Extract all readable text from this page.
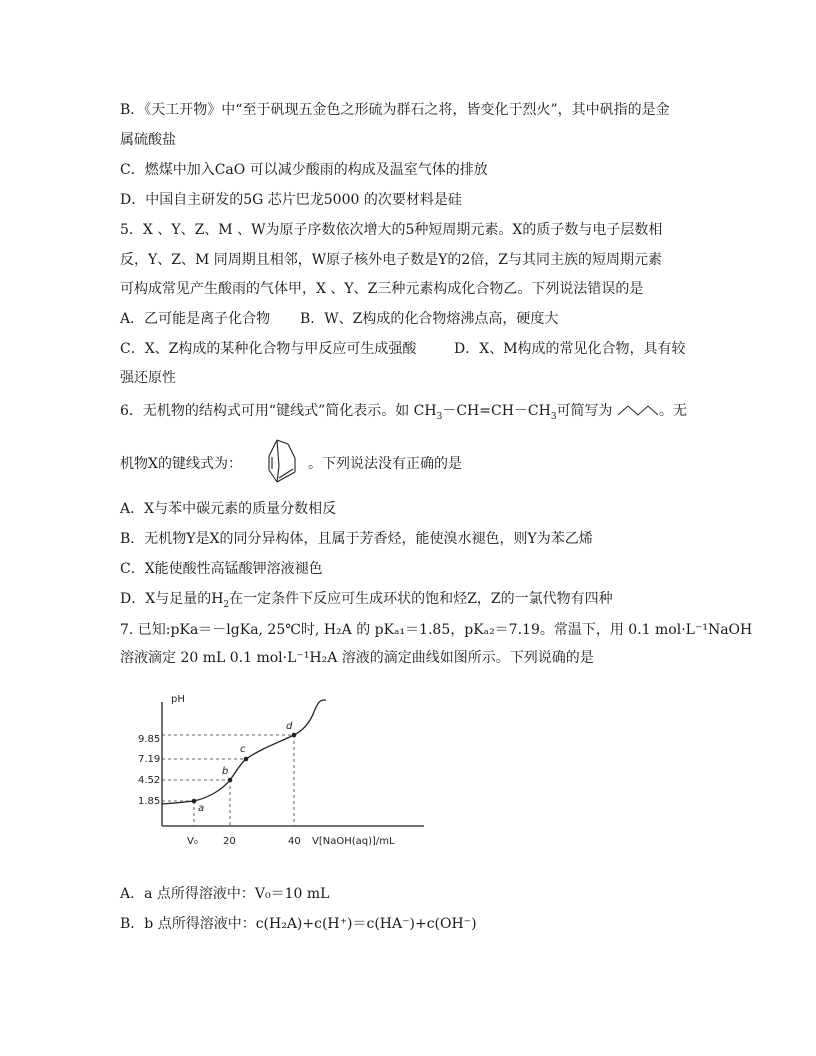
B．《天工开物》中“至于矾现五金色之形硫为群石之将，皆变化于烈火”，其中矾指的是金
属硫酸盐
C．燃煤中加入CaO 可以减少酸雨的构成及温室气体的排放
D．中国自主研发的5G 芯片巴龙5000 的次要材料是硅
5．X 、Y、Z、M 、W为原子序数依次增大的5种短周期元素。X的质子数与电子层数相
反，Y、Z、M 同周期且相邻，W原子核外电子数是Y的2倍，Z与其同主族的短周期元素
可构成常见产生酸雨的气体甲，X 、Y、Z三种元素构成化合物乙。下列说法错误的是
A．乙可能是离子化合物 B．W、Z构成的化合物熔沸点高，硬度大
C．X、Z构成的某种化合物与甲反应可生成强酸	D．X、M构成的常见化合物，具有较
强还原性
6．无机物的结构式可用“键线式”简化表示。如 $CH_3-CH=CH-CH_3$可简写为	。无
机物X的键线式为：	。下列说法没有正确的是
A．X与苯中碳元素的质量分数相反
B．无机物Y是X的同分异构体，且属于芳香烃，能使溴水褪色，则Y为苯乙烯
C．X能使酸性高锰酸钾溶液褪色
D．X与足量的$H_2$在一定条件下反应可生成环状的饱和烃Z，Z的一氯代物有四种
7. 已知:pKa＝－lgKa, 25℃时, H₂A 的 pKₐ₁＝1.85，pKₐ₂＝7.19。常温下，用 0.1 mol·L⁻¹NaOH
溶液滴定 20 mL 0.1 mol·L⁻¹H₂A 溶液的滴定曲线如图所示。下列说确的是
pH
V[NaOH(aq)]/mL
1.85
4.52
7.19
9.85
V₀	20	40
a
b
c
d
A．a 点所得溶液中：V₀＝10 mL
B．b 点所得溶液中：c(H₂A)+c(H⁺)＝c(HA⁻)+c(OH⁻)
